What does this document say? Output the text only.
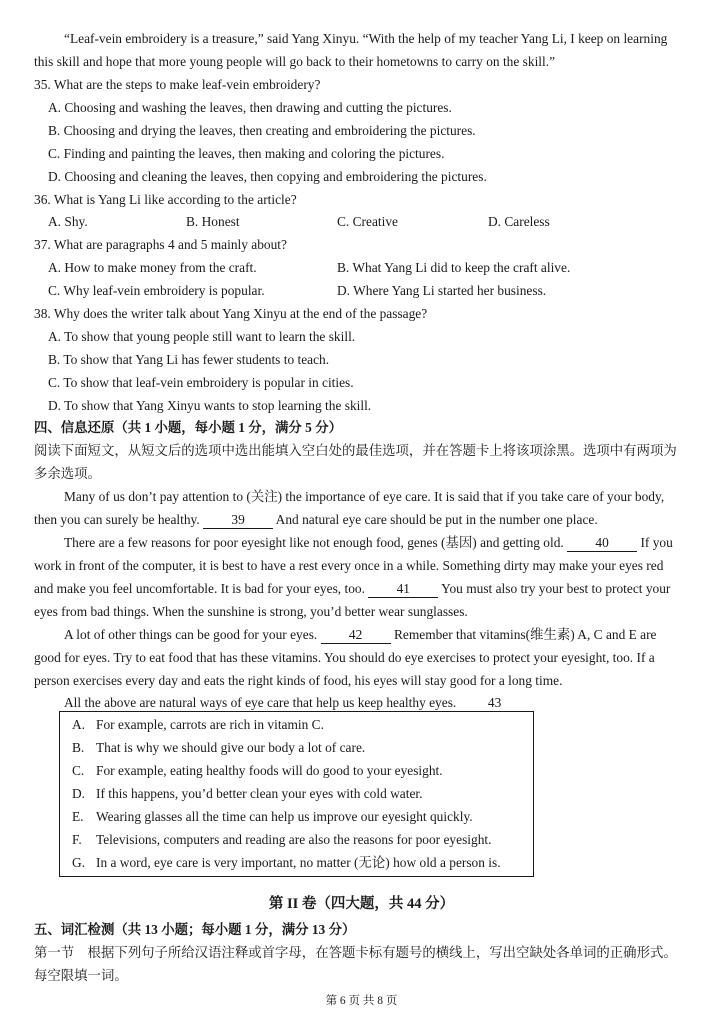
“Leaf-vein embroidery is a treasure,” said Yang Xinyu. “With the help of my teacher Yang Li, I keep on learning this skill and hope that more young people will go back to their hometowns to carry on the skill.”
35. What are the steps to make leaf-vein embroidery?
A. Choosing and washing the leaves, then drawing and cutting the pictures.
B. Choosing and drying the leaves, then creating and embroidering the pictures.
C. Finding and painting the leaves, then making and coloring the pictures.
D. Choosing and cleaning the leaves, then copying and embroidering the pictures.
36. What is Yang Li like according to the article?
A. Shy.	B. Honest	C. Creative	D. Careless
37. What are paragraphs 4 and 5 mainly about?
A. How to make money from the craft.	B. What Yang Li did to keep the craft alive.
C. Why leaf-vein embroidery is popular.	D. Where Yang Li started her business.
38. Why does the writer talk about Yang Xinyu at the end of the passage?
A. To show that young people still want to learn the skill.
B. To show that Yang Li has fewer students to teach.
C. To show that leaf-vein embroidery is popular in cities.
D. To show that Yang Xinyu wants to stop learning the skill.
四、信息还原（共 1 小题，每小题 1 分，满分 5 分）
阅读下面短文，从短文后的选项中选出能填入空白处的最佳选项，并在答题卡上将该项涂黑。选项中有两项为多余选项。
Many of us don’t pay attention to (关注) the importance of eye care. It is said that if you take care of your body, then you can surely be healthy. 39 And natural eye care should be put in the number one place.
There are a few reasons for poor eyesight like not enough food, genes (基因) and getting old. 40 If you work in front of the computer, it is best to have a rest every once in a while. Something dirty may make your eyes red and make you feel uncomfortable. It is bad for your eyes, too. 41 You must also try your best to protect your eyes from bad things. When the sunshine is strong, you’d better wear sunglasses.
A lot of other things can be good for your eyes. 42 Remember that vitamins(维生素) A, C and E are good for eyes. Try to eat food that has these vitamins. You should do eye exercises to protect your eyesight, too. If a person exercises every day and eats the right kinds of food, his eyes will stay good for a long time.
All the above are natural ways of eye care that help us keep healthy eyes. 43
A. For example, carrots are rich in vitamin C.
B. That is why we should give our body a lot of care.
C. For example, eating healthy foods will do good to your eyesight.
D. If this happens, you’d better clean your eyes with cold water.
E. Wearing glasses all the time can help us improve our eyesight quickly.
F. Televisions, computers and reading are also the reasons for poor eyesight.
G. In a word, eye care is very important, no matter (无论) how old a person is.
第 II 卷（四大题，共 44 分）
五、词汇检测（共 13 小题；每小题 1 分，满分 13 分）
第一节　根据下列句子所给汉语注释或首字母，在答题卡标有题号的横线上，写出空缺处各单词的正确形式。每空限填一词。
第 6 页 共 8 页
